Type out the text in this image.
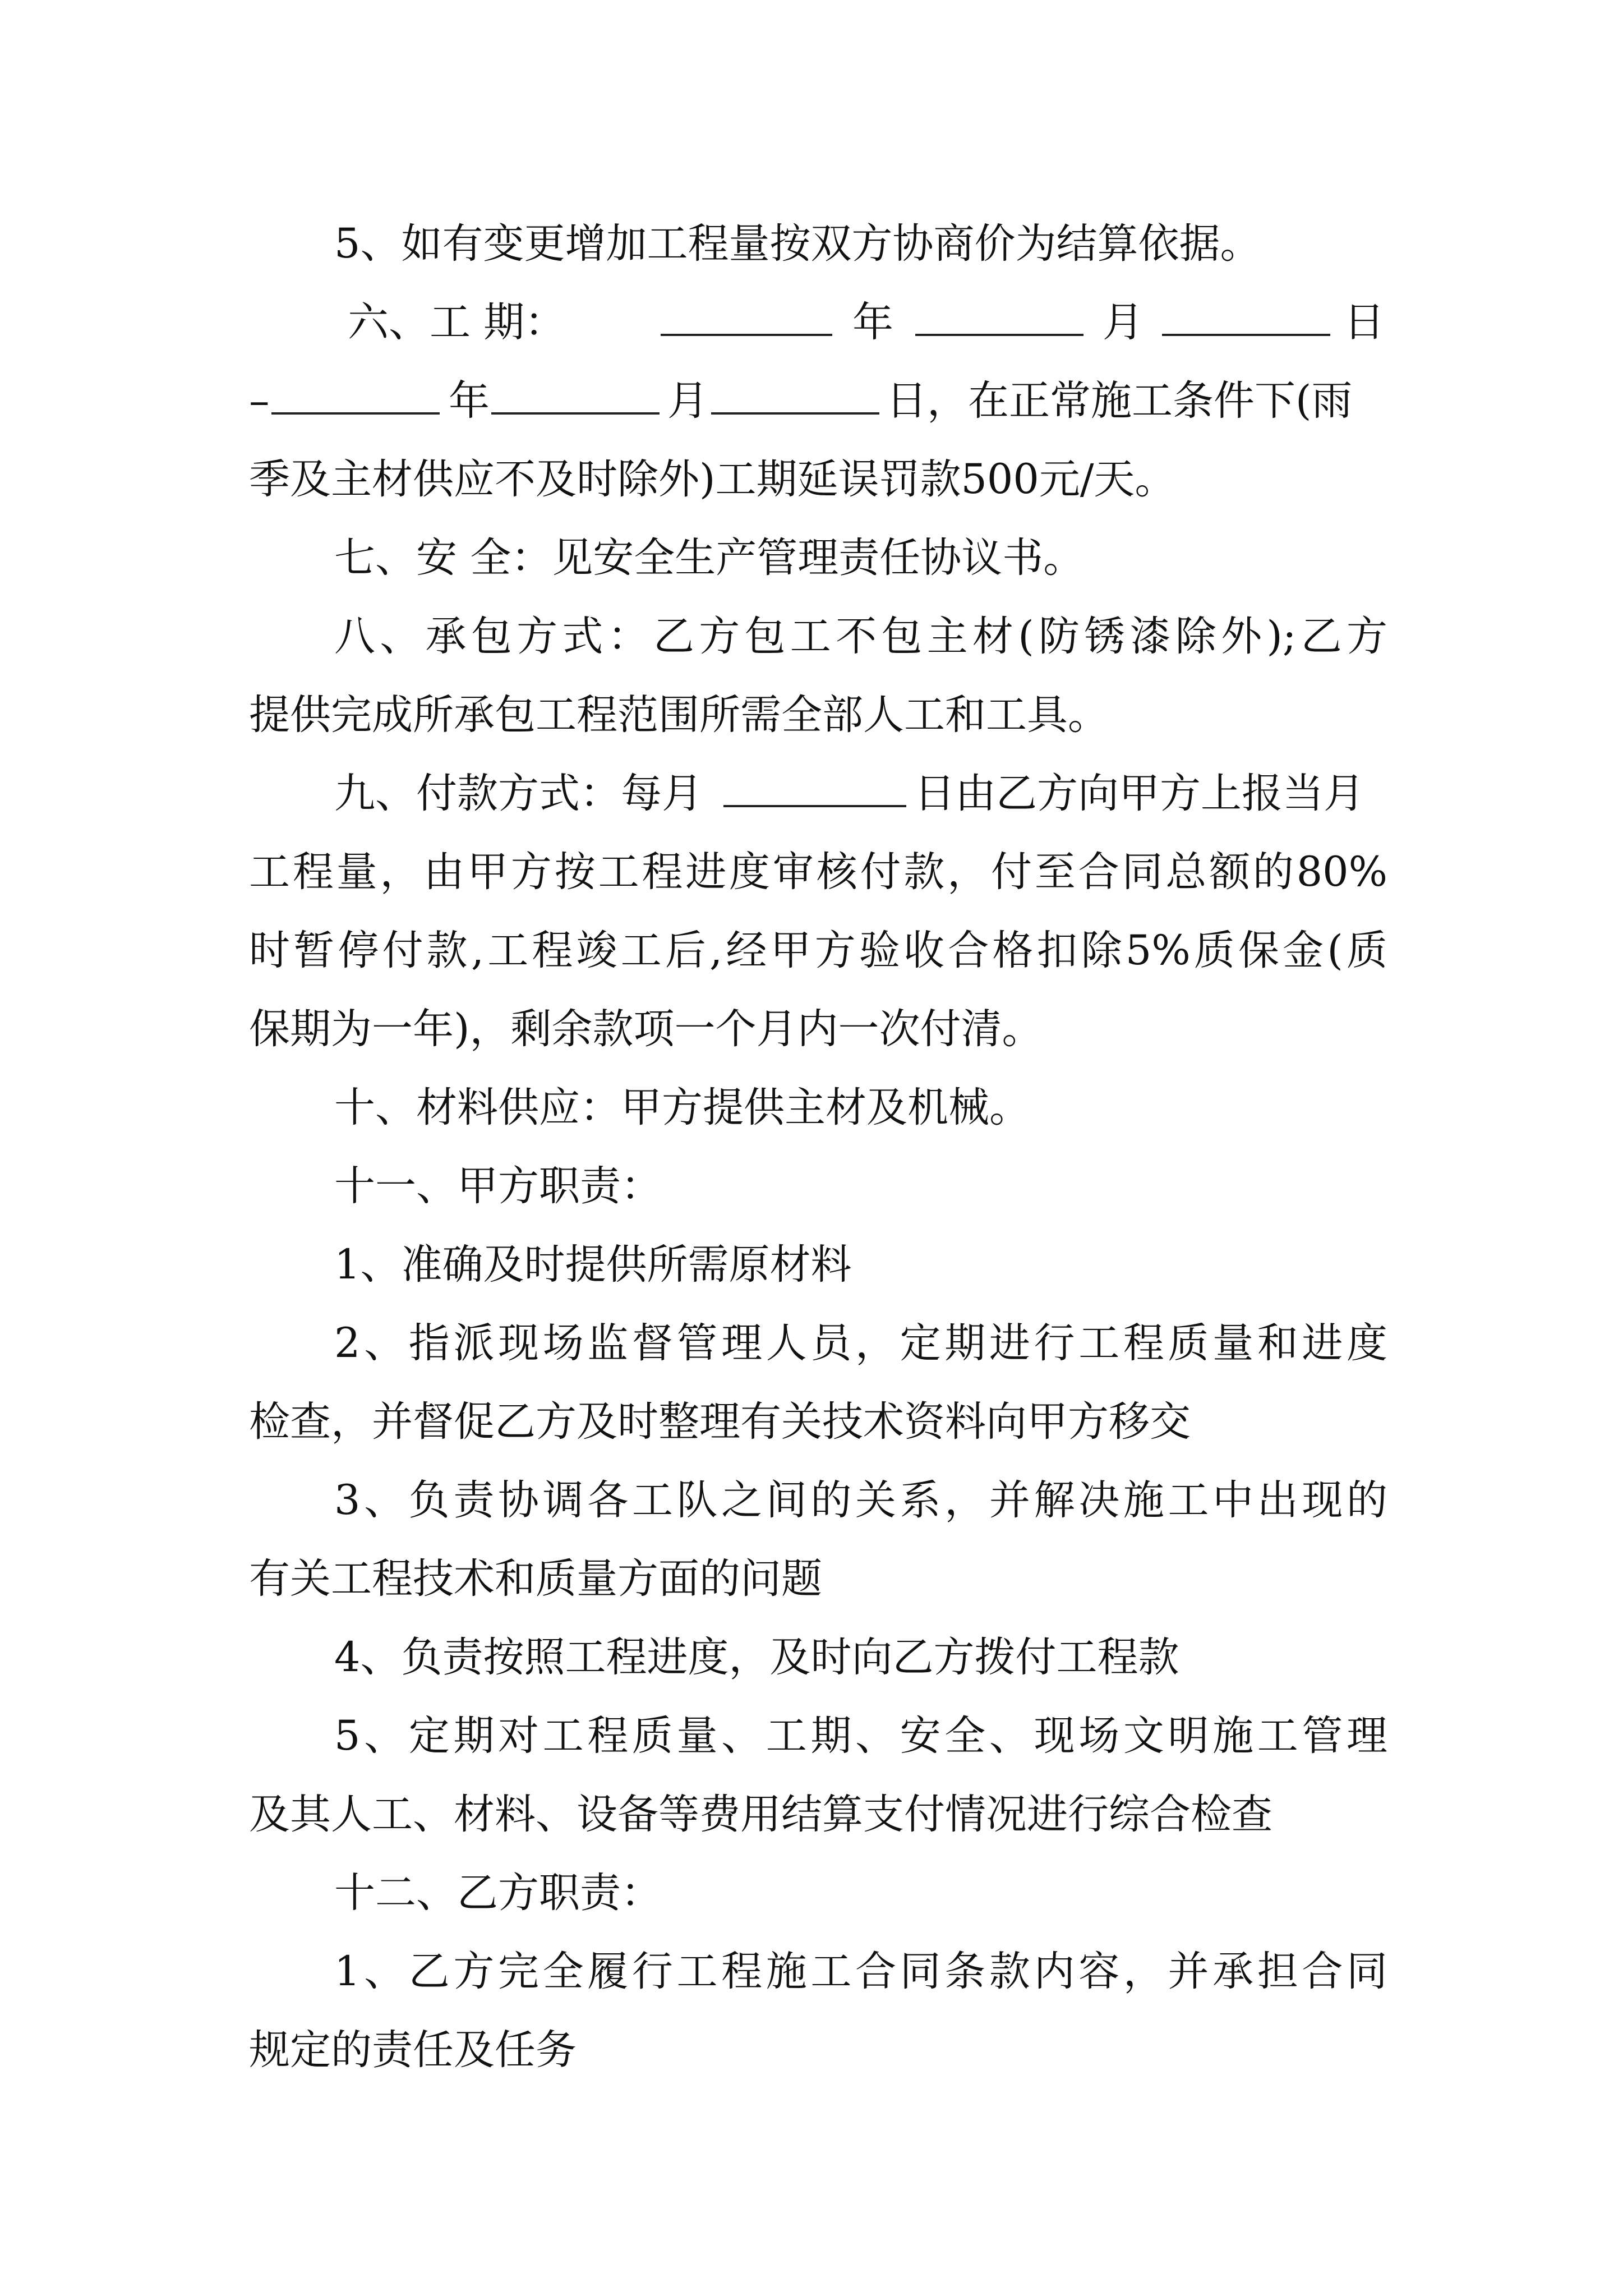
5、如有变更增加工程量按双方协商价为结算依据。
六、工 期：	年	月	日
–	年	月	日，在正常施工条件下(雨
季及主材供应不及时除外)工期延误罚款500元/天。
七、安 全：见安全生产管理责任协议书。
八、承包方式：乙方包工不包主材(防锈漆除外);乙方
提供完成所承包工程范围所需全部人工和工具。
九、付款方式：每月	日由乙方向甲方上报当月
工程量，由甲方按工程进度审核付款，付至合同总额的80%
时暂停付款,工程竣工后,经甲方验收合格扣除5%质保金(质
保期为一年)，剩余款项一个月内一次付清。
十、材料供应：甲方提供主材及机械。
十一、甲方职责：
1、准确及时提供所需原材料
2、指派现场监督管理人员，定期进行工程质量和进度
检查，并督促乙方及时整理有关技术资料向甲方移交
3、负责协调各工队之间的关系，并解决施工中出现的
有关工程技术和质量方面的问题
4、负责按照工程进度，及时向乙方拨付工程款
5、定期对工程质量、工期、安全、现场文明施工管理
及其人工、材料、设备等费用结算支付情况进行综合检查
十二、乙方职责：
1、乙方完全履行工程施工合同条款内容，并承担合同
规定的责任及任务
